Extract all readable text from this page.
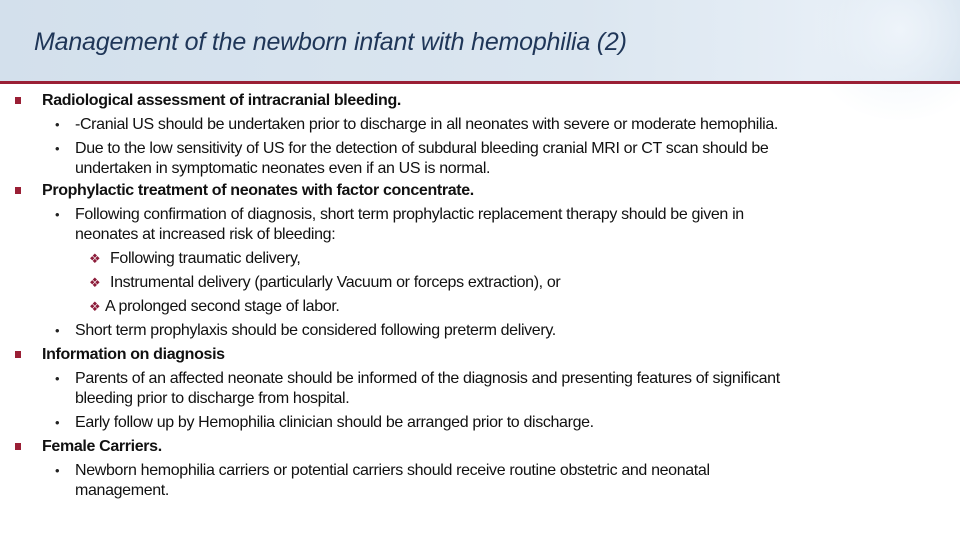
Management of the newborn infant with hemophilia (2)
Radiological assessment of intracranial bleeding.
• -Cranial US should be undertaken prior to discharge in all neonates with severe or moderate hemophilia.
• Due to the low sensitivity of US for the detection of subdural bleeding cranial MRI or CT scan should be
undertaken in symptomatic neonates even if an US is normal.
Prophylactic treatment of neonates with factor concentrate.
• Following confirmation of diagnosis, short term prophylactic replacement therapy should be given in
neonates at increased risk of bleeding:
❖ Following traumatic delivery,
❖ Instrumental delivery (particularly Vacuum or forceps extraction), or
❖ A prolonged second stage of labor.
• Short term prophylaxis should be considered following preterm delivery.
Information on diagnosis
• Parents of an affected neonate should be informed of the diagnosis and presenting features of significant
bleeding prior to discharge from hospital.
• Early follow up by Hemophilia clinician should be arranged prior to discharge.
Female Carriers.
• Newborn hemophilia carriers or potential carriers should receive routine obstetric and neonatal
management.
